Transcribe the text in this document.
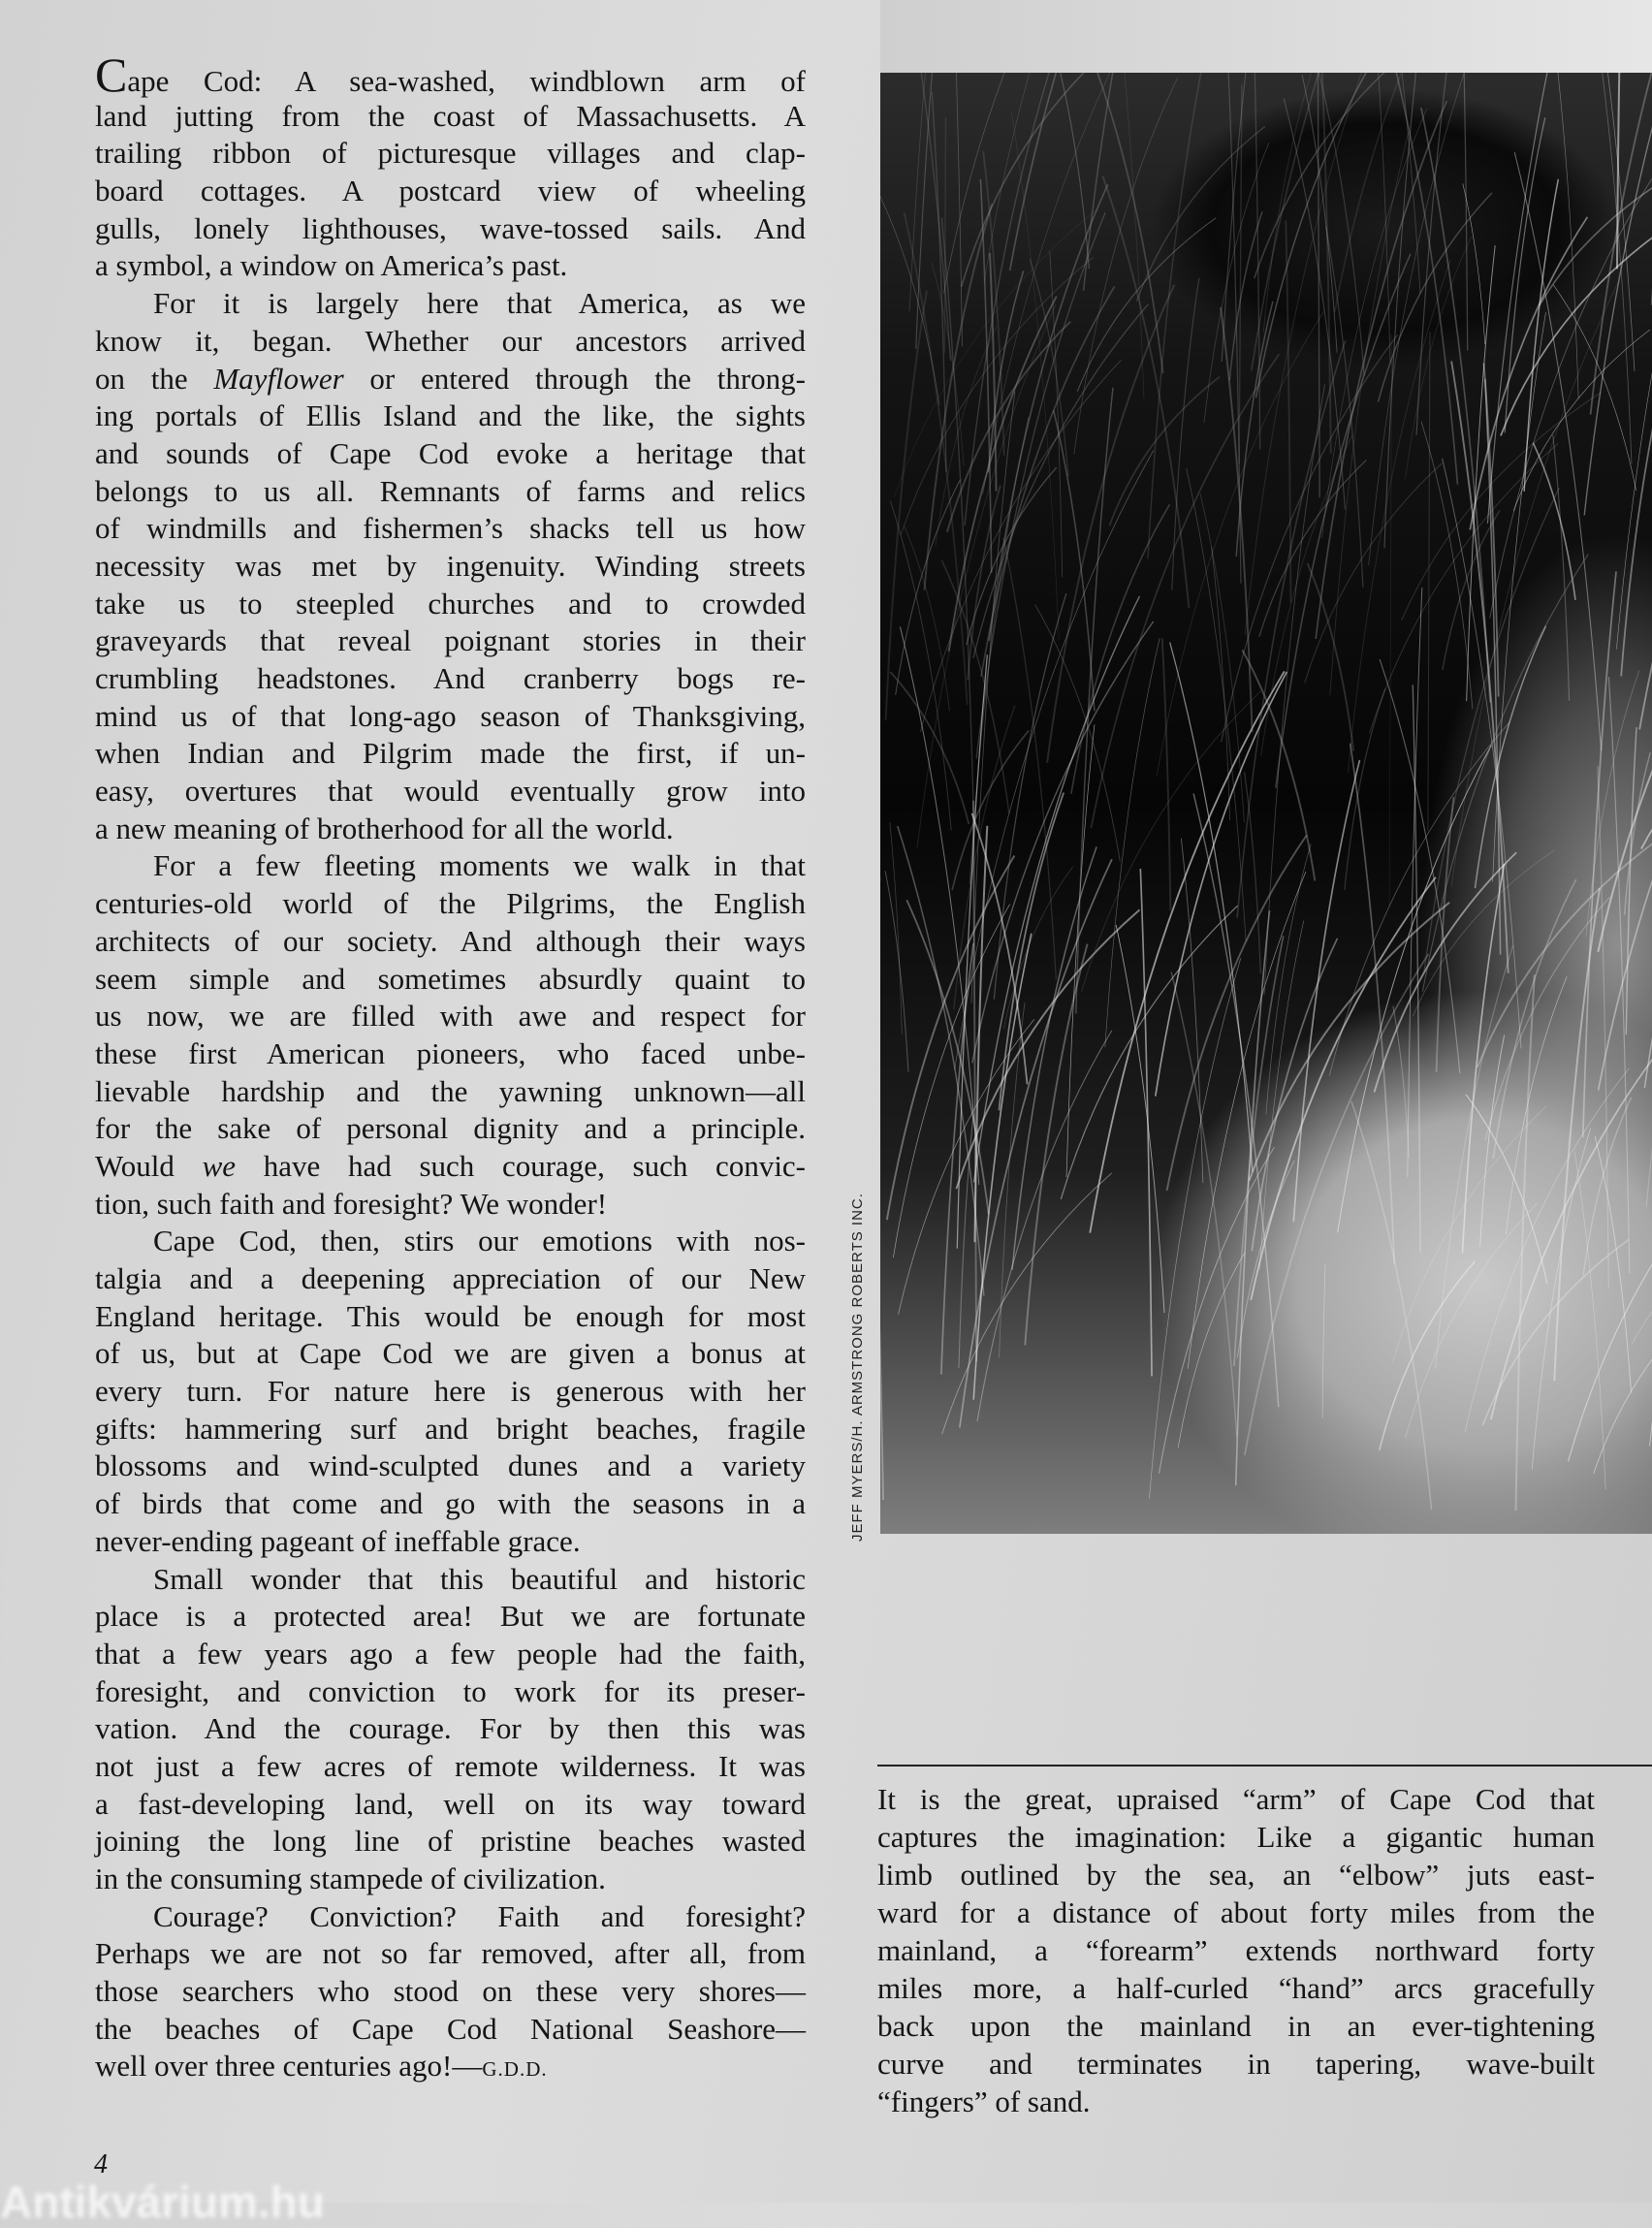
Cape Cod: A sea-washed, windblown arm of
land jutting from the coast of Massachusetts. A
trailing ribbon of picturesque villages and clap-
board cottages. A postcard view of wheeling
gulls, lonely lighthouses, wave-tossed sails. And
a symbol, a window on America’s past.
For it is largely here that America, as we
know it, began. Whether our ancestors arrived
on the Mayflower or entered through the throng-
ing portals of Ellis Island and the like, the sights
and sounds of Cape Cod evoke a heritage that
belongs to us all. Remnants of farms and relics
of windmills and fishermen’s shacks tell us how
necessity was met by ingenuity. Winding streets
take us to steepled churches and to crowded
graveyards that reveal poignant stories in their
crumbling headstones. And cranberry bogs re-
mind us of that long-ago season of Thanksgiving,
when Indian and Pilgrim made the first, if un-
easy, overtures that would eventually grow into
a new meaning of brotherhood for all the world.
For a few fleeting moments we walk in that
centuries-old world of the Pilgrims, the English
architects of our society. And although their ways
seem simple and sometimes absurdly quaint to
us now, we are filled with awe and respect for
these first American pioneers, who faced unbe-
lievable hardship and the yawning unknown—all
for the sake of personal dignity and a principle.
Would we have had such courage, such convic-
tion, such faith and foresight? We wonder!
Cape Cod, then, stirs our emotions with nos-
talgia and a deepening appreciation of our New
England heritage. This would be enough for most
of us, but at Cape Cod we are given a bonus at
every turn. For nature here is generous with her
gifts: hammering surf and bright beaches, fragile
blossoms and wind-sculpted dunes and a variety
of birds that come and go with the seasons in a
never-ending pageant of ineffable grace.
Small wonder that this beautiful and historic
place is a protected area! But we are fortunate
that a few years ago a few people had the faith,
foresight, and conviction to work for its preser-
vation. And the courage. For by then this was
not just a few acres of remote wilderness. It was
a fast-developing land, well on its way toward
joining the long line of pristine beaches wasted
in the consuming stampede of civilization.
Courage? Conviction? Faith and foresight?
Perhaps we are not so far removed, after all, from
those searchers who stood on these very shores—
the beaches of Cape Cod National Seashore—
well over three centuries ago!—G.D.D.
JEFF MYERS/H. ARMSTRONG ROBERTS INC.
It is the great, upraised “arm” of Cape Cod that
captures the imagination: Like a gigantic human
limb outlined by the sea, an “elbow” juts east-
ward for a distance of about forty miles from the
mainland, a “forearm” extends northward forty
miles more, a half-curled “hand” arcs gracefully
back upon the mainland in an ever-tightening
curve and terminates in tapering, wave-built
“fingers” of sand.
4
Antikvárium.hu
